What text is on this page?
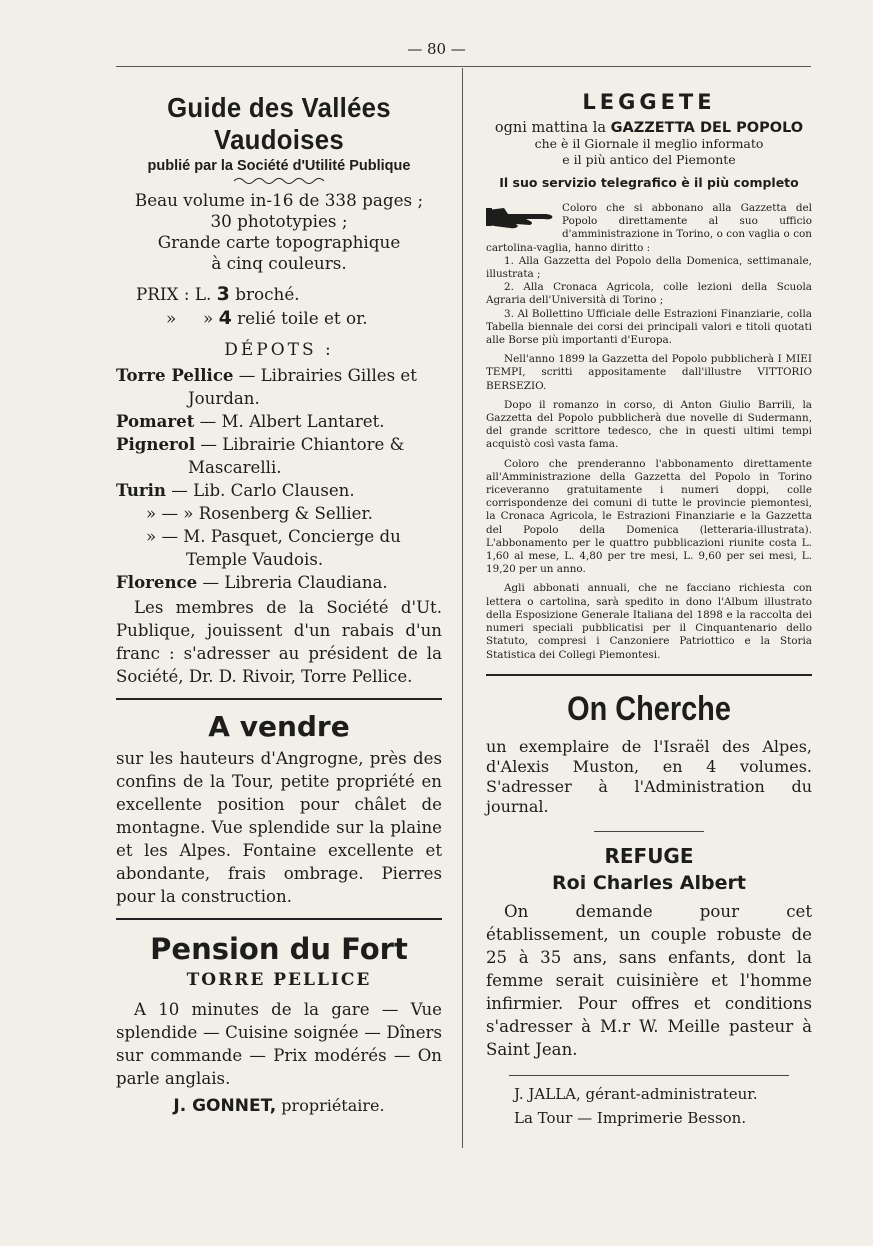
— 80 —
Guide des Vallées Vaudoises
publié par la Société d'Utilité Publique
Beau volume in-16 de 338 pages ;
30 phototypies ;
Grande carte topographique
à cinq couleurs.
PRIX : L. 3 broché.
» » 4 relié toile et or.
DÉPOTS :
Torre Pellice — Librairies Gilles et Jourdan.
Pomaret — M. Albert Lantaret.
Pignerol — Librairie Chiantore & Mascarelli.
Turin — Lib. Carlo Clausen.
» — » Rosenberg & Sellier.
» — M. Pasquet, Concierge du Temple Vaudois.
Florence — Libreria Claudiana.

Les membres de la Société d'Ut. Publique, jouissent d'un rabais d'un franc : s'adresser au président de la Société, Dr. D. Rivoir, Torre Pellice.

A vendre

sur les hauteurs d'Angrogne, près des confins de la Tour, petite propriété en excellente position pour châlet de montagne. Vue splendide sur la plaine et les Alpes. Fontaine excellente et abondante, frais ombrage. Pierres pour la construction.

Pension du Fort
TORRE PELLICE

A 10 minutes de la gare — Vue splendide — Cuisine soignée — Dîners sur commande — Prix modérés — On parle anglais.

J. GONNET, propriétaire.
LEGGETE
ogni mattina la GAZZETTA DEL POPOLO
che è il Giornale il meglio informato
e il più antico del Piemonte
Il suo servizio telegrafico è il più completo

Coloro che si abbonano alla Gazzetta del Popolo direttamente al suo ufficio d'amministrazione in Torino, o con vaglia o con cartolina-vaglia, hanno diritto :

1. Alla Gazzetta del Popolo della Domenica, settimanale, illustrata ;

2. Alla Cronaca Agricola, colle lezioni della Scuola Agraria dell'Università di Torino ;

3. Al Bollettino Ufficiale delle Estrazioni Finanziarie, colla Tabella biennale dei corsi dei principali valori e titoli quotati alle Borse più importanti d'Europa.

Nell'anno 1899 la Gazzetta del Popolo pubblicherà I MIEI TEMPI, scritti appositamente dall'illustre VITTORIO BERSEZIO.

Dopo il romanzo in corso, di Anton Giulio Barrili, la Gazzetta del Popolo pubblicherà due novelle di Sudermann, del grande scrittore tedesco, che in questi ultimi tempi acquistò così vasta fama.

Coloro che prenderanno l'abbonamento direttamente all'Amministrazione della Gazzetta del Popolo in Torino riceveranno gratuitamente i numeri doppi, colle corrispondenze dei comuni di tutte le provincie piemontesi, la Cronaca Agricola, le Estrazioni Finanziarie e la Gazzetta del Popolo della Domenica (letteraria-illustrata). L'abbonamento per le quattro pubblicazioni riunite costa L. 1,60 al mese, L. 4,80 per tre mesi, L. 9,60 per sei mesi, L. 19,20 per un anno.

Agli abbonati annuali, che ne facciano richiesta con lettera o cartolina, sarà spedito in dono l'Album illustrato della Esposizione Generale Italiana del 1898 e la raccolta dei numeri speciali pubblicatisi per il Cinquantenario dello Statuto, compresi i Canzoniere Patriottico e la Storia Statistica dei Collegi Piemontesi.

On Cherche

un exemplaire de l'Israël des Alpes, d'Alexis Muston, en 4 volumes. S'adresser à l'Administration du journal.

REFUGE
Roi Charles Albert

On demande pour cet établissement, un couple robuste de 25 à 35 ans, sans enfants, dont la femme serait cuisinière et l'homme infirmier. Pour offres et conditions s'adresser à M.r W. Meille pasteur à Saint Jean.

J. JALLA, gérant-administrateur.
La Tour — Imprimerie Besson.
